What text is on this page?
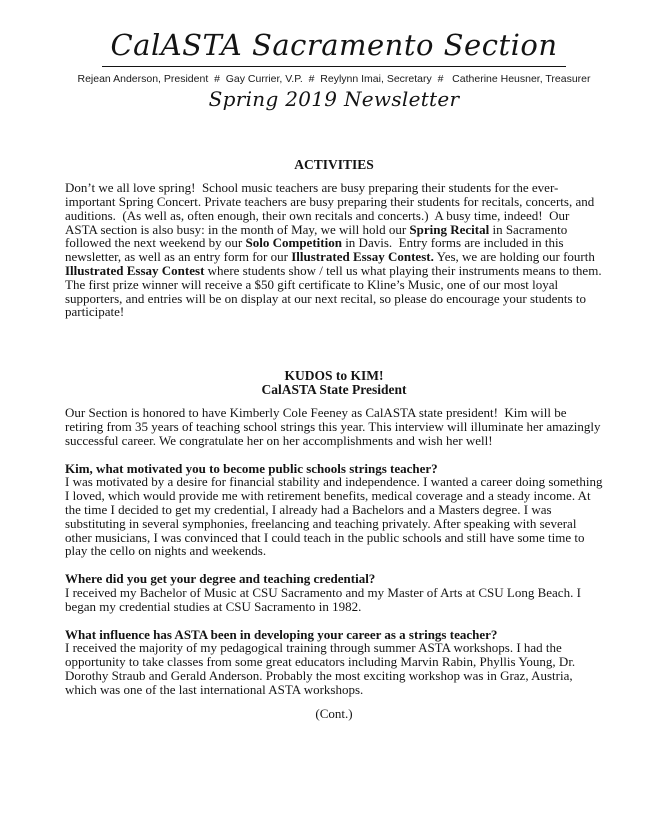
CalASTA Sacramento Section
Rejean Anderson, President  #  Gay Currier, V.P.  #  Reylynn Imai, Secretary  #   Catherine Heusner, Treasurer
Spring 2019 Newsletter
ACTIVITIES

Don’t we all love spring!  School music teachers are busy preparing their students for the ever-important Spring Concert. Private teachers are busy preparing their students for recitals, concerts, and auditions.  (As well as, often enough, their own recitals and concerts.)  A busy time, indeed!  Our ASTA section is also busy: in the month of May, we will hold our Spring Recital in Sacramento followed the next weekend by our Solo Competition in Davis.  Entry forms are included in this newsletter, as well as an entry form for our Illustrated Essay Contest. Yes, we are holding our fourth Illustrated Essay Contest where students show / tell us what playing their instruments means to them.  The first prize winner will receive a $50 gift certificate to Kline’s Music, one of our most loyal supporters, and entries will be on display at our next recital, so please do encourage your students to participate!

KUDOS to KIM!
CalASTA State President

Our Section is honored to have Kimberly Cole Feeney as CalASTA state president!  Kim will be retiring from 35 years of teaching school strings this year. This interview will illuminate her amazingly successful career. We congratulate her on her accomplishments and wish her well!

Kim, what motivated you to become public schools strings teacher?

I was motivated by a desire for financial stability and independence. I wanted a career doing something I loved, which would provide me with retirement benefits, medical coverage and a steady income. At the time I decided to get my credential, I already had a Bachelors and a Masters degree. I was substituting in several symphonies, freelancing and teaching privately. After speaking with several other musicians, I was convinced that I could teach in the public schools and still have some time to play the cello on nights and weekends.

Where did you get your degree and teaching credential?

I received my Bachelor of Music at CSU Sacramento and my Master of Arts at CSU Long Beach. I began my credential studies at CSU Sacramento in 1982.

What influence has ASTA been in developing your career as a strings teacher?

I received the majority of my pedagogical training through summer ASTA workshops. I had the opportunity to take classes from some great educators including Marvin Rabin, Phyllis Young, Dr. Dorothy Straub and Gerald Anderson. Probably the most exciting workshop was in Graz, Austria, which was one of the last international ASTA workshops.

(Cont.)
